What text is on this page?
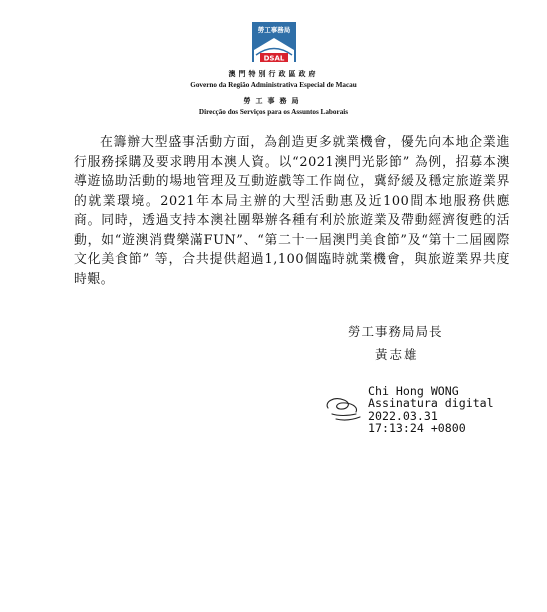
勞工事務局
DSAL
澳門特別行政區政府
Governo da Região Administrativa Especial de Macau
勞工事務局
Direcção dos Serviços para os Assuntos Laborais
在籌辦大型盛事活動方面，為創造更多就業機會，優先向本地企業進行服務採購及要求聘用本澳人資。以“2021澳門光影節” 為例，招募本澳導遊協助活動的場地管理及互動遊戲等工作崗位，冀紓緩及穩定旅遊業界的就業環境。2021年本局主辦的大型活動惠及近100間本地服務供應商。同時，透過支持本澳社團舉辦各種有利於旅遊業及帶動經濟復甦的活動，如“遊澳消費樂滿FUN”、“第二十一屆澳門美食節”及“第十二屆國際文化美食節” 等，合共提供超過1,100個臨時就業機會，與旅遊業界共度時艱。
勞工事務局局長
黃志雄
Chi Hong WONG
Assinatura digital
2022.03.31
17:13:24 +0800
